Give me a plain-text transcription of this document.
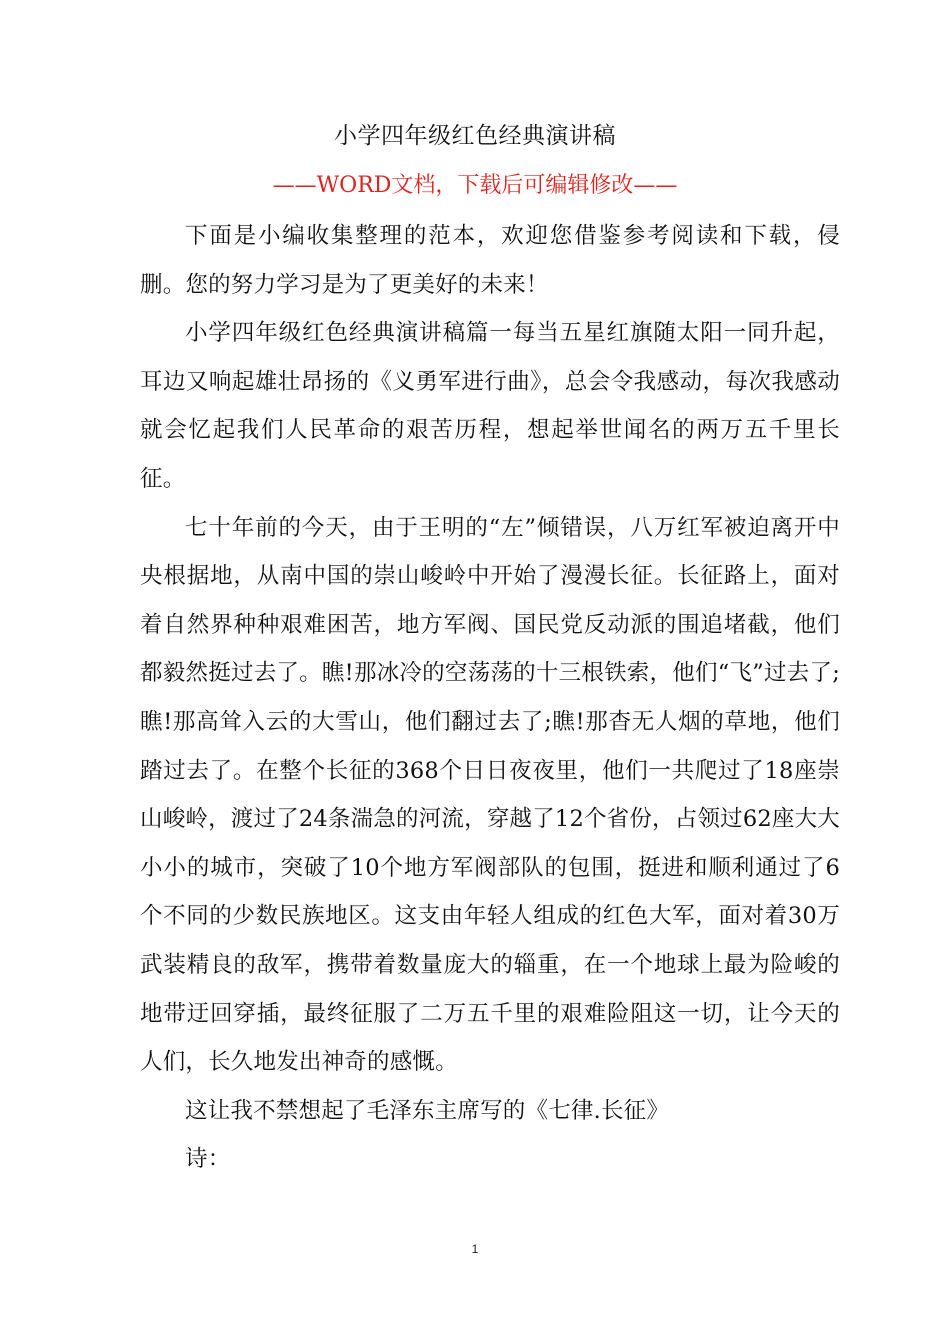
小学四年级红色经典演讲稿
——WORD文档，下载后可编辑修改——

下面是小编收集整理的范本，欢迎您借鉴参考阅读和下载，侵删。您的努力学习是为了更美好的未来！

小学四年级红色经典演讲稿篇一每当五星红旗随太阳一同升起，耳边又响起雄壮昂扬的《义勇军进行曲》，总会令我感动，每次我感动就会忆起我们人民革命的艰苦历程，想起举世闻名的两万五千里长征。

七十年前的今天，由于王明的“左”倾错误，八万红军被迫离开中央根据地，从南中国的崇山峻岭中开始了漫漫长征。长征路上，面对着自然界种种艰难困苦，地方军阀、国民党反动派的围追堵截，他们都毅然挺过去了。瞧!那冰冷的空荡荡的十三根铁索，他们“飞”过去了;瞧!那高耸入云的大雪山，他们翻过去了;瞧!那杳无人烟的草地，他们踏过去了。在整个长征的368个日日夜夜里，他们一共爬过了18座崇山峻岭，渡过了24条湍急的河流，穿越了12个省份，占领过62座大大小小的城市，突破了10个地方军阀部队的包围，挺进和顺利通过了6个不同的少数民族地区。这支由年轻人组成的红色大军，面对着30万武装精良的敌军，携带着数量庞大的辎重，在一个地球上最为险峻的地带迂回穿插，最终征服了二万五千里的艰难险阻这一切，让今天的人们，长久地发出神奇的感慨。

这让我不禁想起了毛泽东主席写的《七律.长征》

诗：

1
